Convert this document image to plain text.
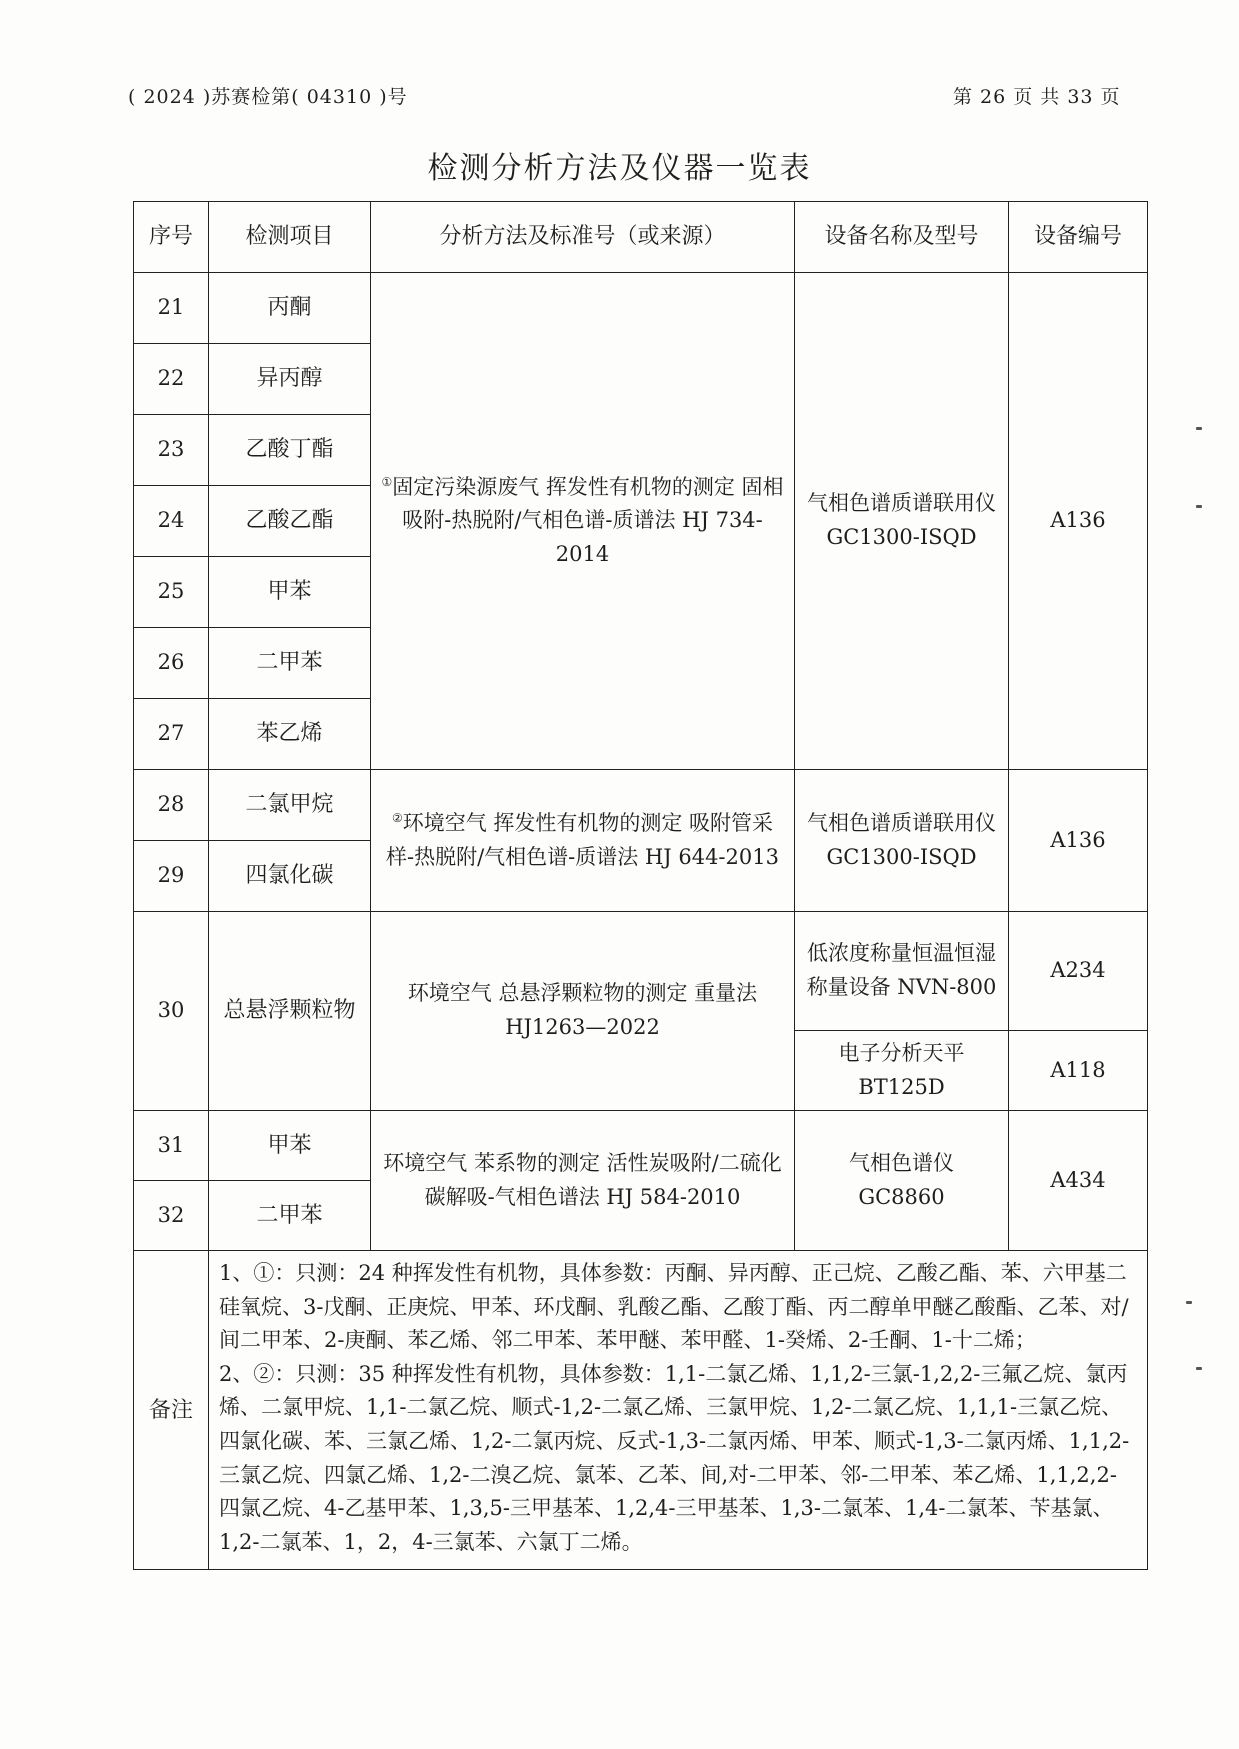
( 2024 )苏赛检第( 04310 )号	第 26 页 共 33 页
检测分析方法及仪器一览表
序号	检测项目	分析方法及标准号（或来源）	设备名称及型号	设备编号
21	丙酮	①固定污染源废气 挥发性有机物的测定 固相吸附-热脱附/气相色谱-质谱法 HJ 734-2014	气相色谱质谱联用仪 GC1300-ISQD	A136
22	异丙醇			
23	乙酸丁酯			
24	乙酸乙酯			
25	甲苯			
26	二甲苯			
27	苯乙烯			
28	二氯甲烷	②环境空气 挥发性有机物的测定 吸附管采样-热脱附/气相色谱-质谱法 HJ 644-2013	气相色谱质谱联用仪 GC1300-ISQD	A136
29	四氯化碳			
30	总悬浮颗粒物	环境空气 总悬浮颗粒物的测定 重量法 HJ1263—2022	低浓度称量恒温恒湿称量设备 NVN-800	A234
			电子分析天平 BT125D	A118
31	甲苯	环境空气 苯系物的测定 活性炭吸附/二硫化碳解吸-气相色谱法 HJ 584-2010	气相色谱仪 GC8860	A434
32	二甲苯			
备注	1、①：只测：24 种挥发性有机物，具体参数：丙酮、异丙醇、正己烷、乙酸乙酯、苯、六甲基二硅氧烷、3-戊酮、正庚烷、甲苯、环戊酮、乳酸乙酯、乙酸丁酯、丙二醇单甲醚乙酸酯、乙苯、对/间二甲苯、2-庚酮、苯乙烯、邻二甲苯、苯甲醚、苯甲醛、1-癸烯、2-壬酮、1-十二烯；
2、②：只测：35 种挥发性有机物，具体参数：1,1-二氯乙烯、1,1,2-三氯-1,2,2-三氟乙烷、氯丙烯、二氯甲烷、1,1-二氯乙烷、顺式-1,2-二氯乙烯、三氯甲烷、1,2-二氯乙烷、1,1,1-三氯乙烷、四氯化碳、苯、三氯乙烯、1,2-二氯丙烷、反式-1,3-二氯丙烯、甲苯、顺式-1,3-二氯丙烯、1,1,2-三氯乙烷、四氯乙烯、1,2-二溴乙烷、氯苯、乙苯、间,对-二甲苯、邻-二甲苯、苯乙烯、1,1,2,2-四氯乙烷、4-乙基甲苯、1,3,5-三甲基苯、1,2,4-三甲基苯、1,3-二氯苯、1,4-二氯苯、苄基氯、1,2-二氯苯、1，2，4-三氯苯、六氯丁二烯。			
